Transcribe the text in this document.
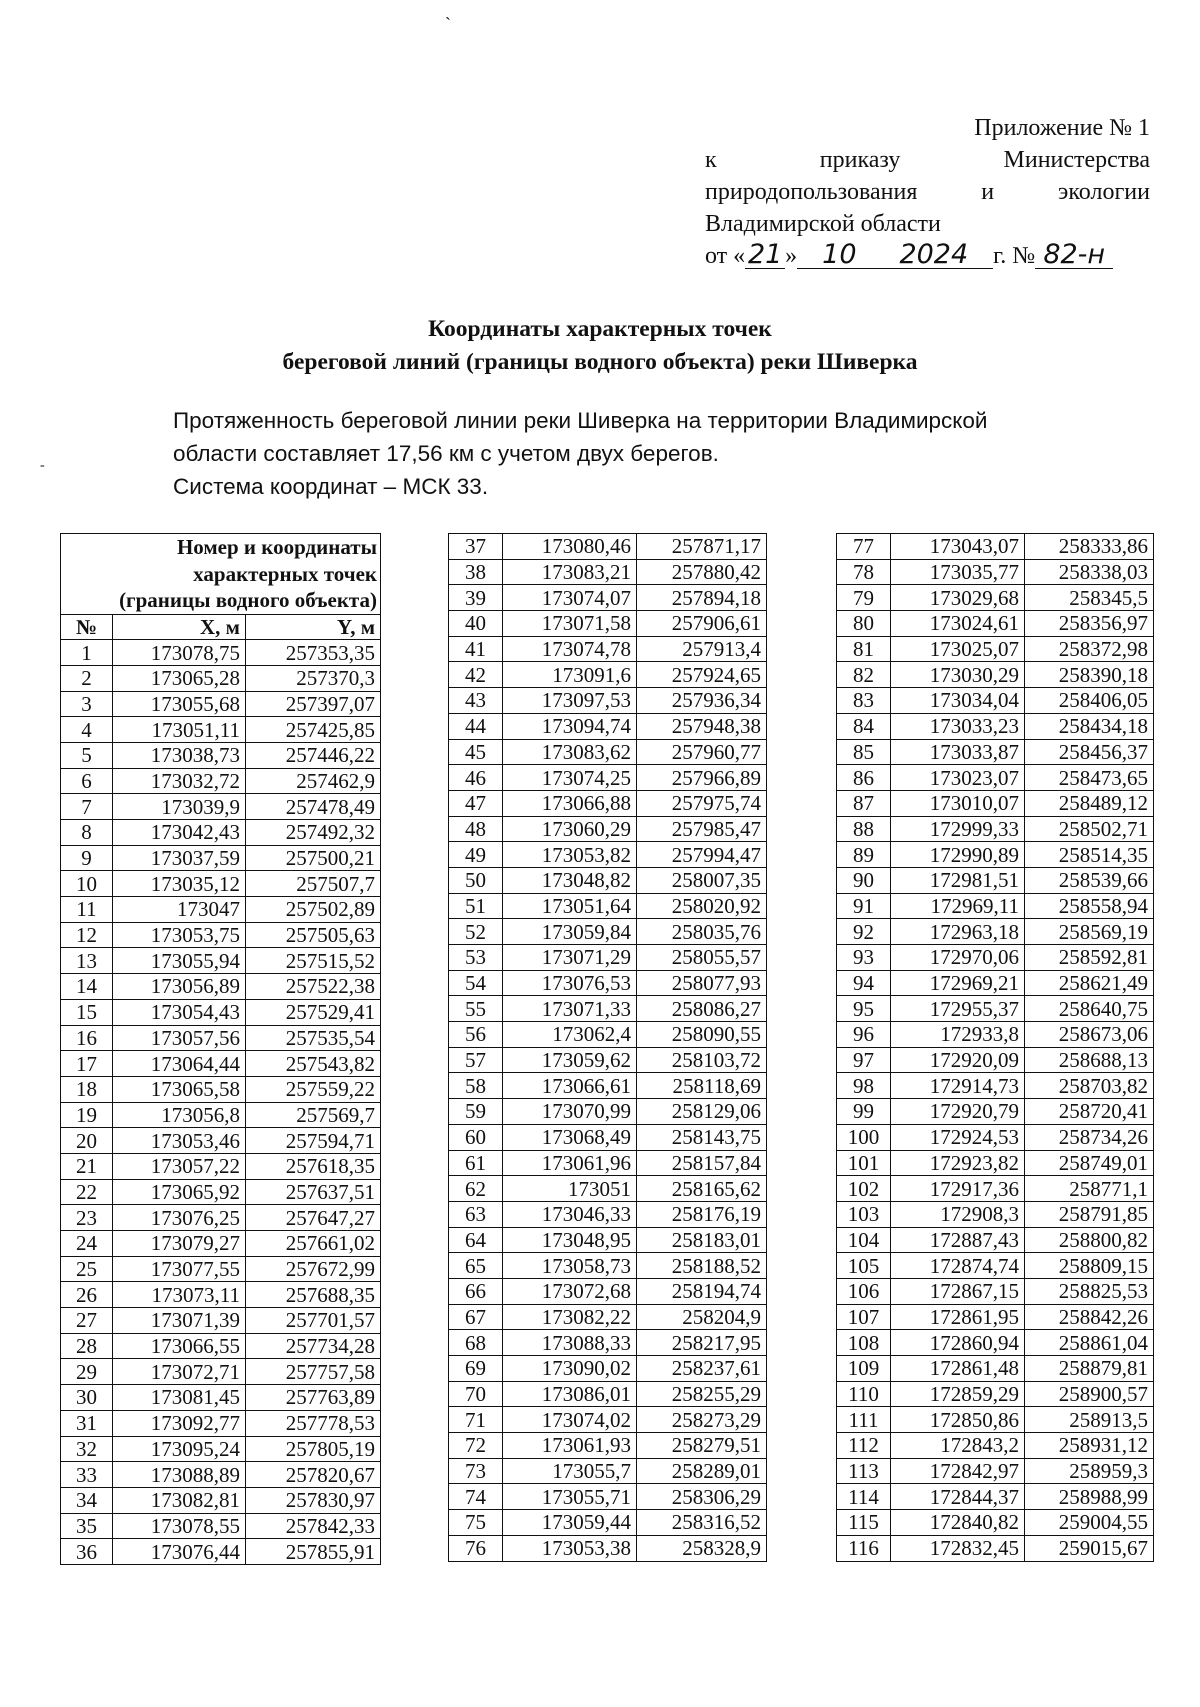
ˎ
-
Приложение № 1
к	приказу	Министерства
природопользования	и	экологии
Владимирской области
от « 21 » 10 2024 г. № 82-н
Координаты характерных точек
береговой линий (границы водного объекта) реки Шиверка
Протяженность береговой линии реки Шиверка на территории Владимирской
области составляет 17,56 км с учетом двух берегов.
Система координат – МСК 33.
Номер и координаты
характерных точек
(границы водного объекта)		

№	X, м	Y, м
1	173078,75	257353,35
2	173065,28	257370,3
3	173055,68	257397,07
4	173051,11	257425,85
5	173038,73	257446,22
6	173032,72	257462,9
7	173039,9	257478,49
8	173042,43	257492,32
9	173037,59	257500,21
10	173035,12	257507,7
11	173047	257502,89
12	173053,75	257505,63
13	173055,94	257515,52
14	173056,89	257522,38
15	173054,43	257529,41
16	173057,56	257535,54
17	173064,44	257543,82
18	173065,58	257559,22
19	173056,8	257569,7
20	173053,46	257594,71
21	173057,22	257618,35
22	173065,92	257637,51
23	173076,25	257647,27
24	173079,27	257661,02
25	173077,55	257672,99
26	173073,11	257688,35
27	173071,39	257701,57
28	173066,55	257734,28
29	173072,71	257757,58
30	173081,45	257763,89
31	173092,77	257778,53
32	173095,24	257805,19
33	173088,89	257820,67
34	173082,81	257830,97
35	173078,55	257842,33
36	173076,44	257855,91
37	173080,46	257871,17
38	173083,21	257880,42
39	173074,07	257894,18
40	173071,58	257906,61
41	173074,78	257913,4
42	173091,6	257924,65
43	173097,53	257936,34
44	173094,74	257948,38
45	173083,62	257960,77
46	173074,25	257966,89
47	173066,88	257975,74
48	173060,29	257985,47
49	173053,82	257994,47
50	173048,82	258007,35
51	173051,64	258020,92
52	173059,84	258035,76
53	173071,29	258055,57
54	173076,53	258077,93
55	173071,33	258086,27
56	173062,4	258090,55
57	173059,62	258103,72
58	173066,61	258118,69
59	173070,99	258129,06
60	173068,49	258143,75
61	173061,96	258157,84
62	173051	258165,62
63	173046,33	258176,19
64	173048,95	258183,01
65	173058,73	258188,52
66	173072,68	258194,74
67	173082,22	258204,9
68	173088,33	258217,95
69	173090,02	258237,61
70	173086,01	258255,29
71	173074,02	258273,29
72	173061,93	258279,51
73	173055,7	258289,01
74	173055,71	258306,29
75	173059,44	258316,52
76	173053,38	258328,9
77	173043,07	258333,86
78	173035,77	258338,03
79	173029,68	258345,5
80	173024,61	258356,97
81	173025,07	258372,98
82	173030,29	258390,18
83	173034,04	258406,05
84	173033,23	258434,18
85	173033,87	258456,37
86	173023,07	258473,65
87	173010,07	258489,12
88	172999,33	258502,71
89	172990,89	258514,35
90	172981,51	258539,66
91	172969,11	258558,94
92	172963,18	258569,19
93	172970,06	258592,81
94	172969,21	258621,49
95	172955,37	258640,75
96	172933,8	258673,06
97	172920,09	258688,13
98	172914,73	258703,82
99	172920,79	258720,41
100	172924,53	258734,26
101	172923,82	258749,01
102	172917,36	258771,1
103	172908,3	258791,85
104	172887,43	258800,82
105	172874,74	258809,15
106	172867,15	258825,53
107	172861,95	258842,26
108	172860,94	258861,04
109	172861,48	258879,81
110	172859,29	258900,57
111	172850,86	258913,5
112	172843,2	258931,12
113	172842,97	258959,3
114	172844,37	258988,99
115	172840,82	259004,55
116	172832,45	259015,67
